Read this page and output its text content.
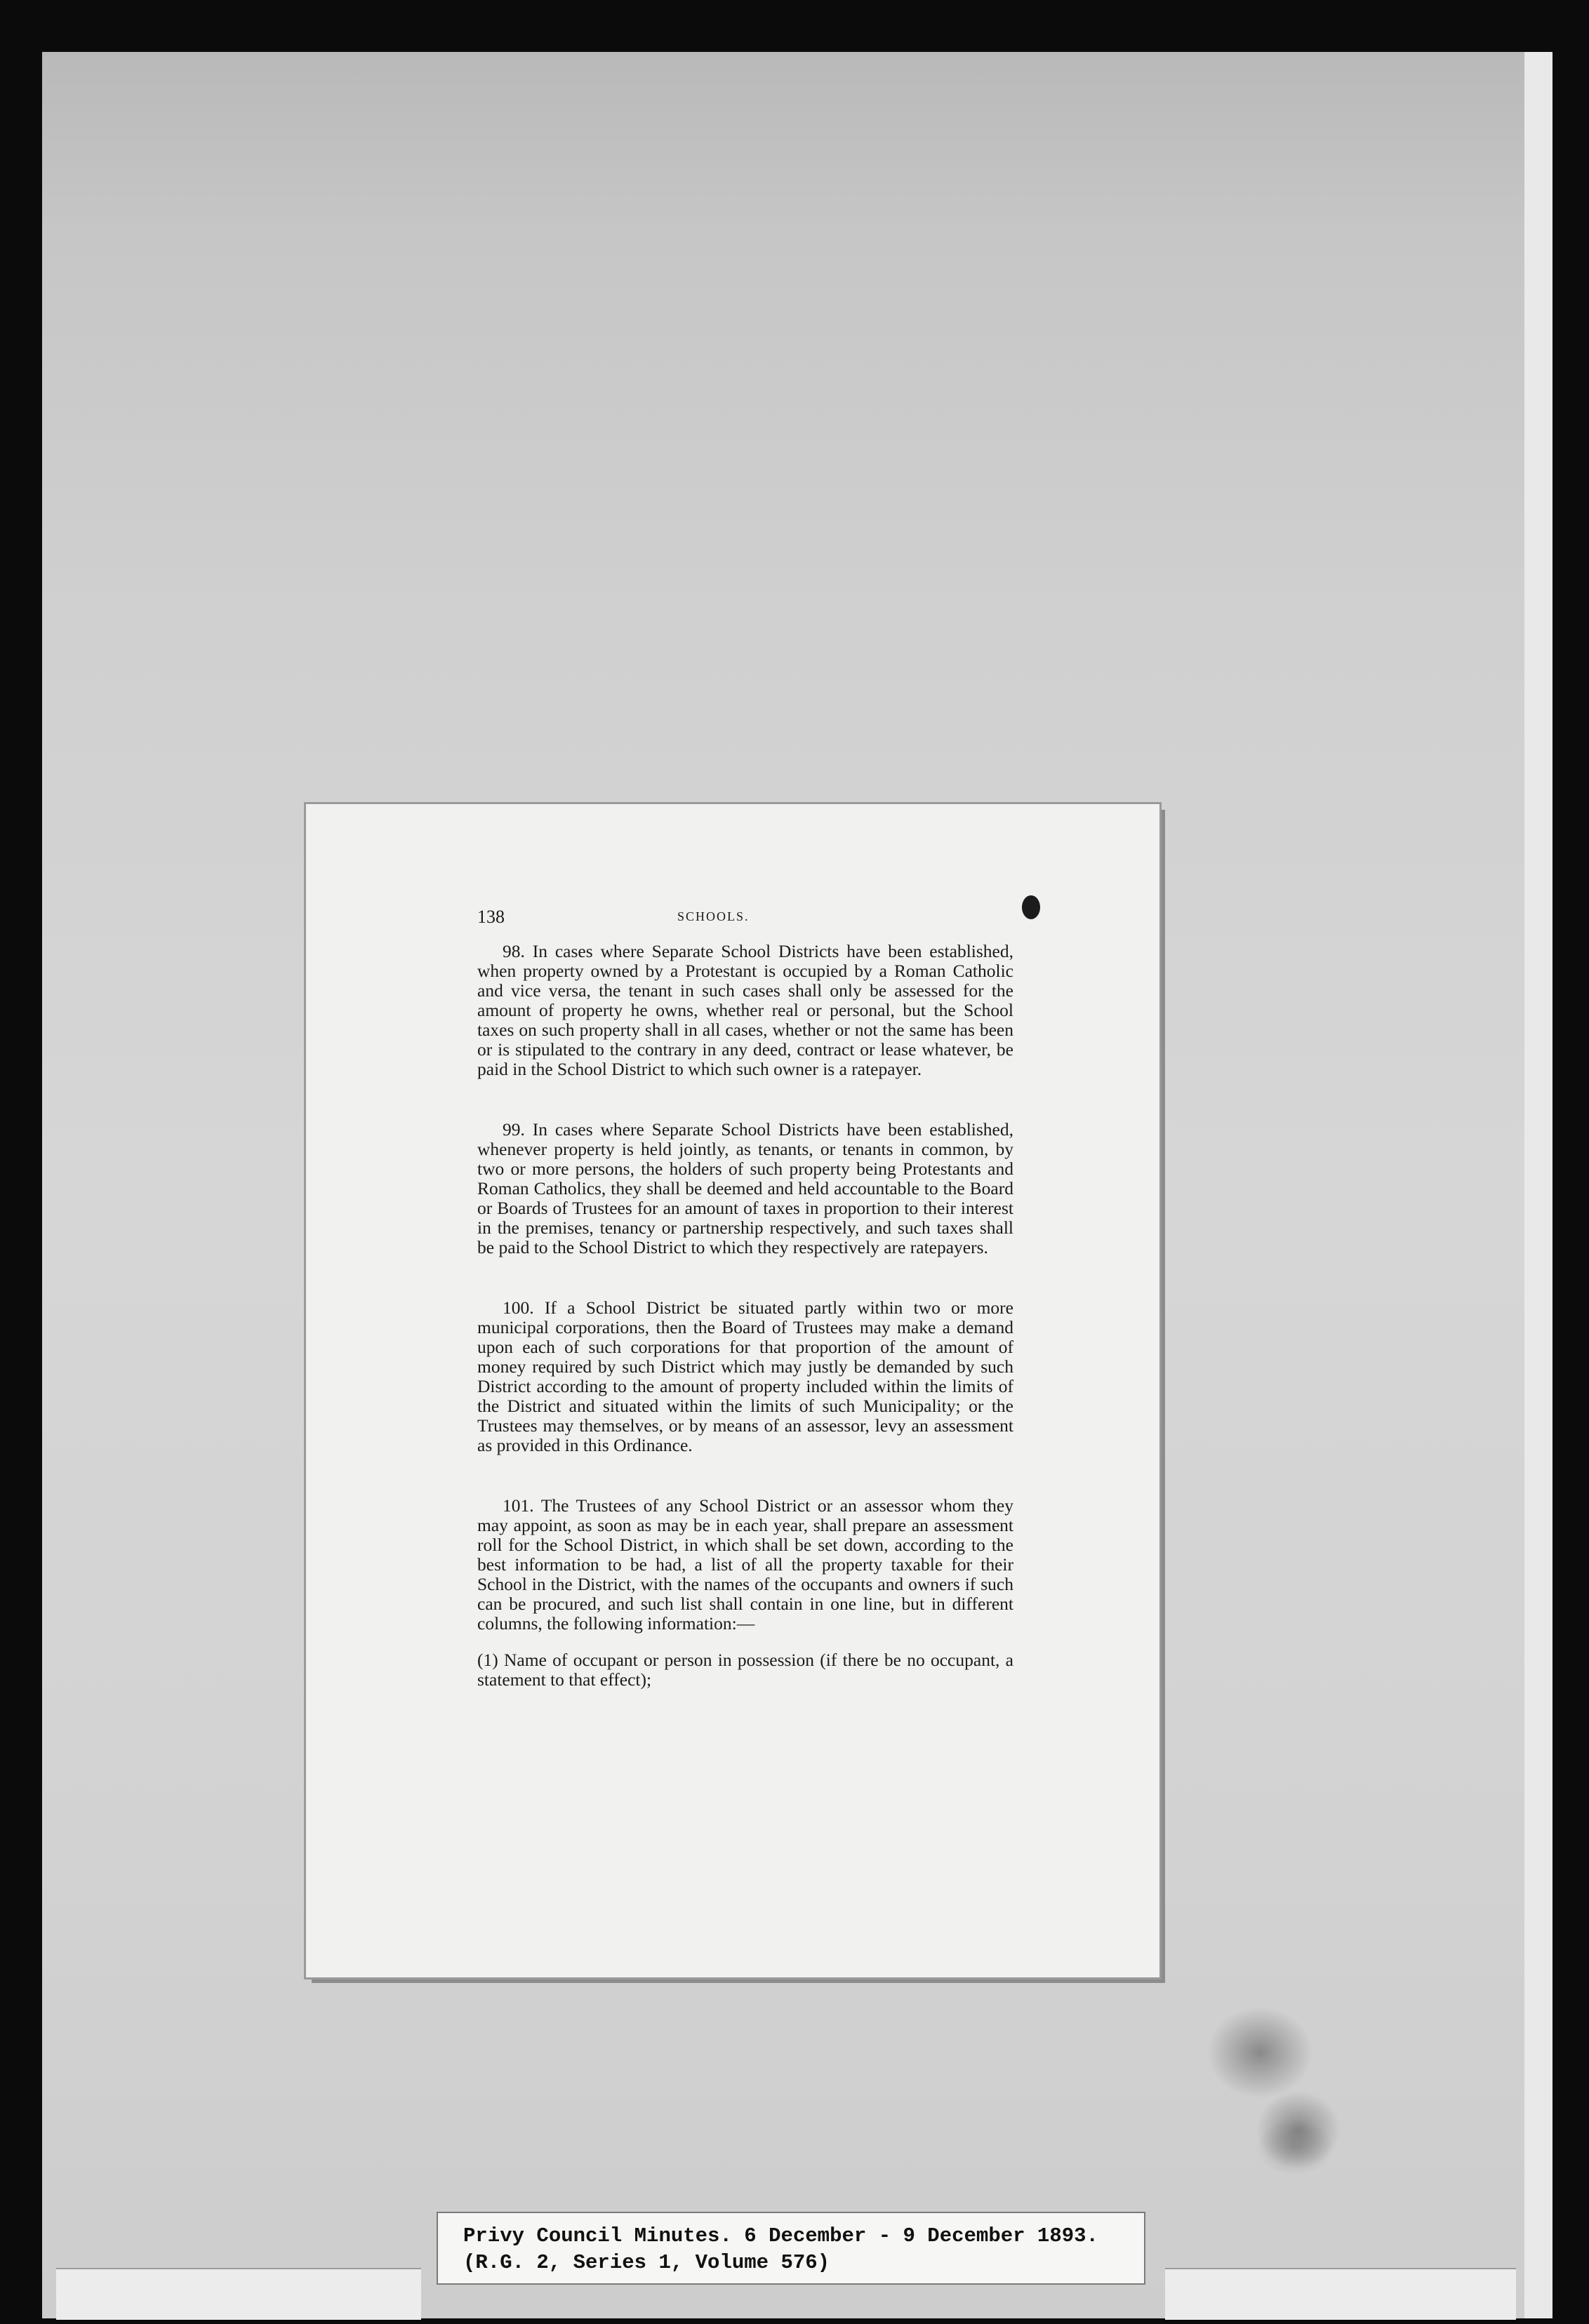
138	SCHOOLS.

98. In cases where Separate School Districts have been established, when property owned by a Protestant is occupied by a Roman Catholic and vice versa, the tenant in such cases shall only be assessed for the amount of property he owns, whether real or personal, but the School taxes on such property shall in all cases, whether or not the same has been or is stipulated to the contrary in any deed, contract or lease whatever, be paid in the School District to which such owner is a ratepayer.

99. In cases where Separate School Districts have been established, whenever property is held jointly, as tenants, or tenants in common, by two or more persons, the holders of such property being Protestants and Roman Catholics, they shall be deemed and held accountable to the Board or Boards of Trustees for an amount of taxes in proportion to their interest in the premises, tenancy or partnership respectively, and such taxes shall be paid to the School District to which they respectively are ratepayers.

100. If a School District be situated partly within two or more municipal corporations, then the Board of Trustees may make a demand upon each of such corporations for that proportion of the amount of money required by such District which may justly be demanded by such District according to the amount of property included within the limits of the District and situated within the limits of such Municipality; or the Trustees may themselves, or by means of an assessor, levy an assessment as provided in this Ordinance.

101. The Trustees of any School District or an assessor whom they may appoint, as soon as may be in each year, shall prepare an assessment roll for the School District, in which shall be set down, according to the best information to be had, a list of all the property taxable for their School in the District, with the names of the occupants and owners if such can be procured, and such list shall contain in one line, but in different columns, the following information:—

(1) Name of occupant or person in possession (if there be no occupant, a statement to that effect);

Privy Council Minutes. 6 December - 9 December 1893.
(R.G. 2, Series 1, Volume 576)
